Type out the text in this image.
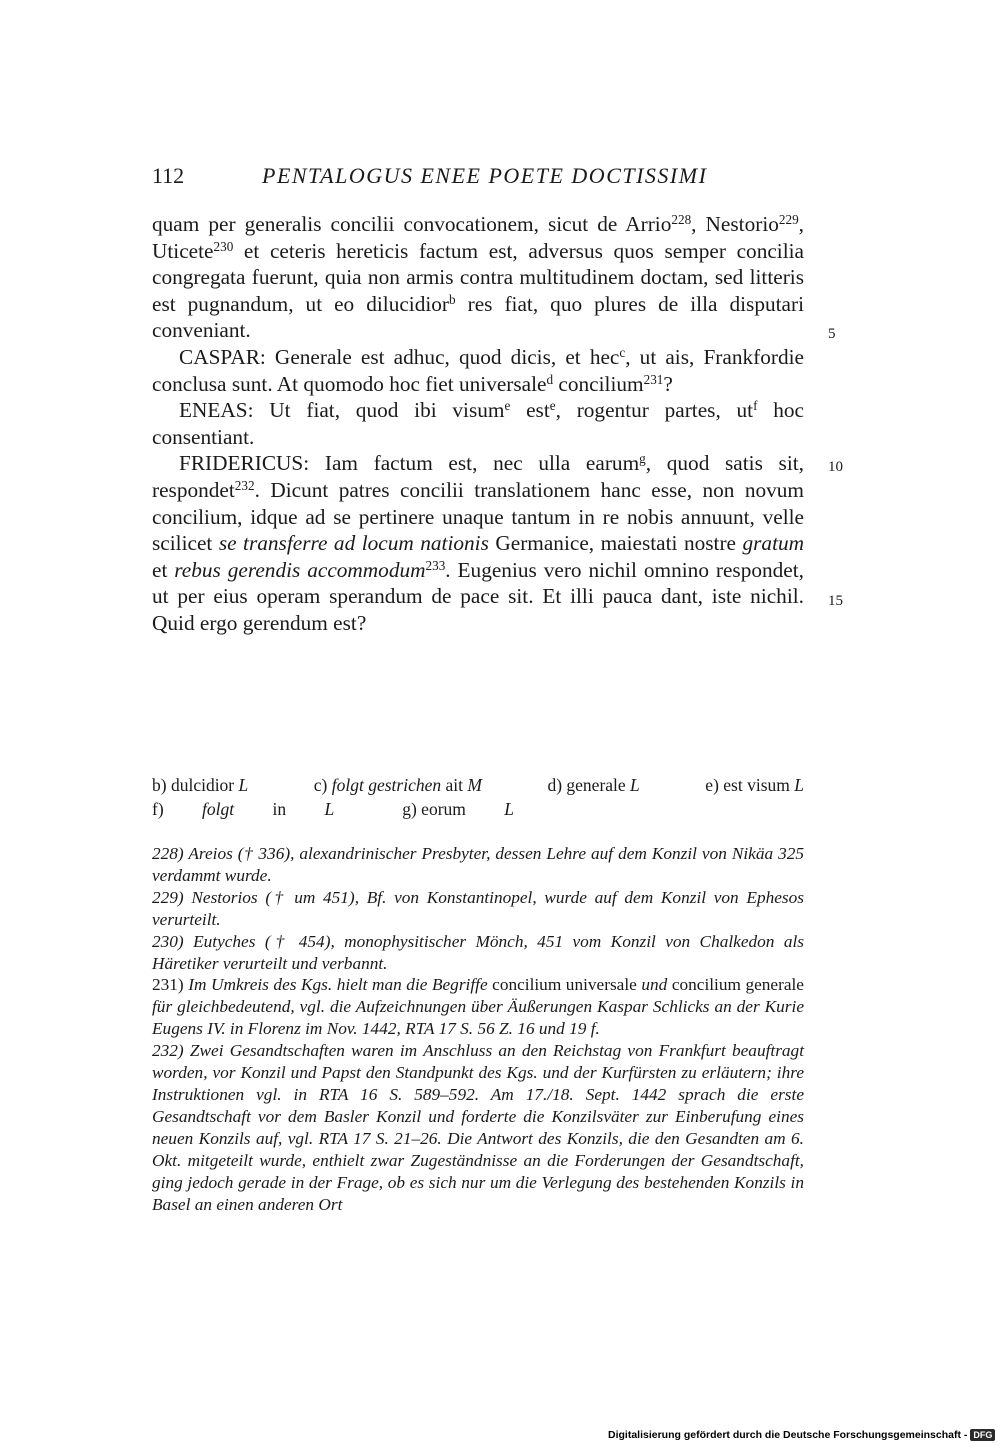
112	PENTALOGUS ENEE POETE DOCTISSIMI

quam per generalis concilii convocationem, sicut de Arrio$^{228}$, Nestorio$^{229}$, Uticete$^{230}$ et ceteris hereticis factum est, adversus quos semper concilia congregata fuerunt, quia non armis contra multitudinem doctam, sed litteris est pugnandum, ut eo dilucidior$^b$ res fiat, quo plures de illa disputari conveniant.

CASPAR: Generale est adhuc, quod dicis, et hec$^c$, ut ais, Frankfordie conclusa sunt. At quomodo hoc fiet universale$^d$ concilium$^{231}$?

ENEAS: Ut fiat, quod ibi visum$^e$ est$^e$, rogentur partes, $ut^f$ hoc consentiant.

FRIDERICUS: Iam factum est, nec ulla earum$^g$, quod satis sit, respondet$^{232}$. Dicunt patres concilii translationem hanc esse, non novum concilium, idque ad se pertinere unaque tantum in re nobis annuunt, velle scilicet se transferre ad locum nationis Germanice, maiestati nostre gratum et rebus gerendis accommodum$^{233}$. Eugenius vero nichil omnino respondet, ut per eius operam sperandum de pace sit. Et illi pauca dant, iste nichil. Quid ergo gerendum est?

5
10
15
b) dulcidior L	c) folgt gestrichen ait M	d) generale L	e) est visum L
f) folgt in L	g) eorum L

228) Areios († 336), alexandrinischer Presbyter, dessen Lehre auf dem Konzil von Nikäa 325 verdammt wurde.

229) Nestorios († um 451), Bf. von Konstantinopel, wurde auf dem Konzil von Ephesos verurteilt.

230) Eutyches († 454), monophysitischer Mönch, 451 vom Konzil von Chalkedon als Häretiker verurteilt und verbannt.

231) Im Umkreis des Kgs. hielt man die Begriffe concilium universale und concilium generale für gleichbedeutend, vgl. die Aufzeichnungen über Äußerungen Kaspar Schlicks an der Kurie Eugens IV. in Florenz im Nov. 1442, RTA 17 S. 56 Z. 16 und 19 f.

232) Zwei Gesandtschaften waren im Anschluss an den Reichstag von Frankfurt beauftragt worden, vor Konzil und Papst den Standpunkt des Kgs. und der Kurfürsten zu erläutern; ihre Instruktionen vgl. in RTA 16 S. 589–592. Am 17./18. Sept. 1442 sprach die erste Gesandtschaft vor dem Basler Konzil und forderte die Konzilsväter zur Einberufung eines neuen Konzils auf, vgl. RTA 17 S. 21–26. Die Antwort des Konzils, die den Gesandten am 6. Okt. mitgeteilt wurde, enthielt zwar Zugeständnisse an die Forderungen der Gesandtschaft, ging jedoch gerade in der Frage, ob es sich nur um die Verlegung des bestehenden Konzils in Basel an einen anderen Ort

Digitalisierung gefördert durch die Deutsche Forschungsgemeinschaft - DFG
